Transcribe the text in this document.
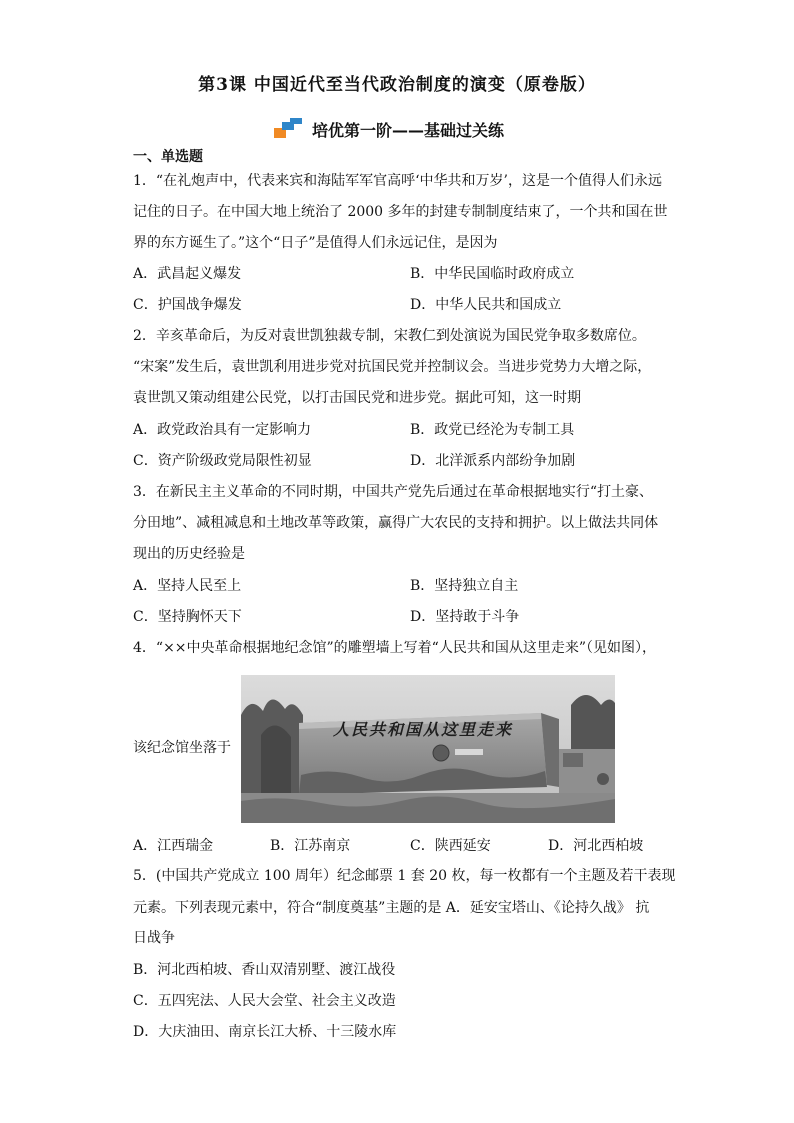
第3课 中国近代至当代政治制度的演变（原卷版）
培优第一阶——基础过关练
一、单选题
1．“在礼炮声中，代表来宾和海陆军军官高呼‘中华共和万岁’，这是一个值得人们永远
记住的日子。在中国大地上统治了 2000 多年的封建专制制度结束了，一个共和国在世
界的东方诞生了。”这个“日子”是值得人们永远记住，是因为
A．武昌起义爆发	B．中华民国临时政府成立
C．护国战争爆发	D．中华人民共和国成立
2．辛亥革命后，为反对袁世凯独裁专制，宋教仁到处演说为国民党争取多数席位。
“宋案”发生后，袁世凯利用进步党对抗国民党并控制议会。当进步党势力大增之际，
袁世凯又策动组建公民党，以打击国民党和进步党。据此可知，这一时期
A．政党政治具有一定影响力	B．政党已经沦为专制工具
C．资产阶级政党局限性初显	D．北洋派系内部纷争加剧
3．在新民主主义革命的不同时期，中国共产党先后通过在革命根据地实行“打土豪、
分田地”、减租减息和土地改革等政策，赢得广大农民的支持和拥护。以上做法共同体
现出的历史经验是
A．坚持人民至上	B．坚持独立自主
C．坚持胸怀天下	D．坚持敢于斗争
4．“××中央革命根据地纪念馆”的雕塑墙上写着“人民共和国从这里走来”（见如图），
该纪念馆坐落于
人民共和国从这里走来
A．江西瑞金	B．江苏南京	C．陕西延安	D．河北西柏坡
5．(中国共产党成立 100 周年）纪念邮票 1 套 20 枚，每一枚都有一个主题及若干表现
元素。下列表现元素中，符合“制度奠基”主题的是 A．延安宝塔山、《论持久战》 抗
日战争
B．河北西柏坡、香山双清别墅、渡江战役
C．五四宪法、人民大会堂、社会主义改造
D．大庆油田、南京长江大桥、十三陵水库
